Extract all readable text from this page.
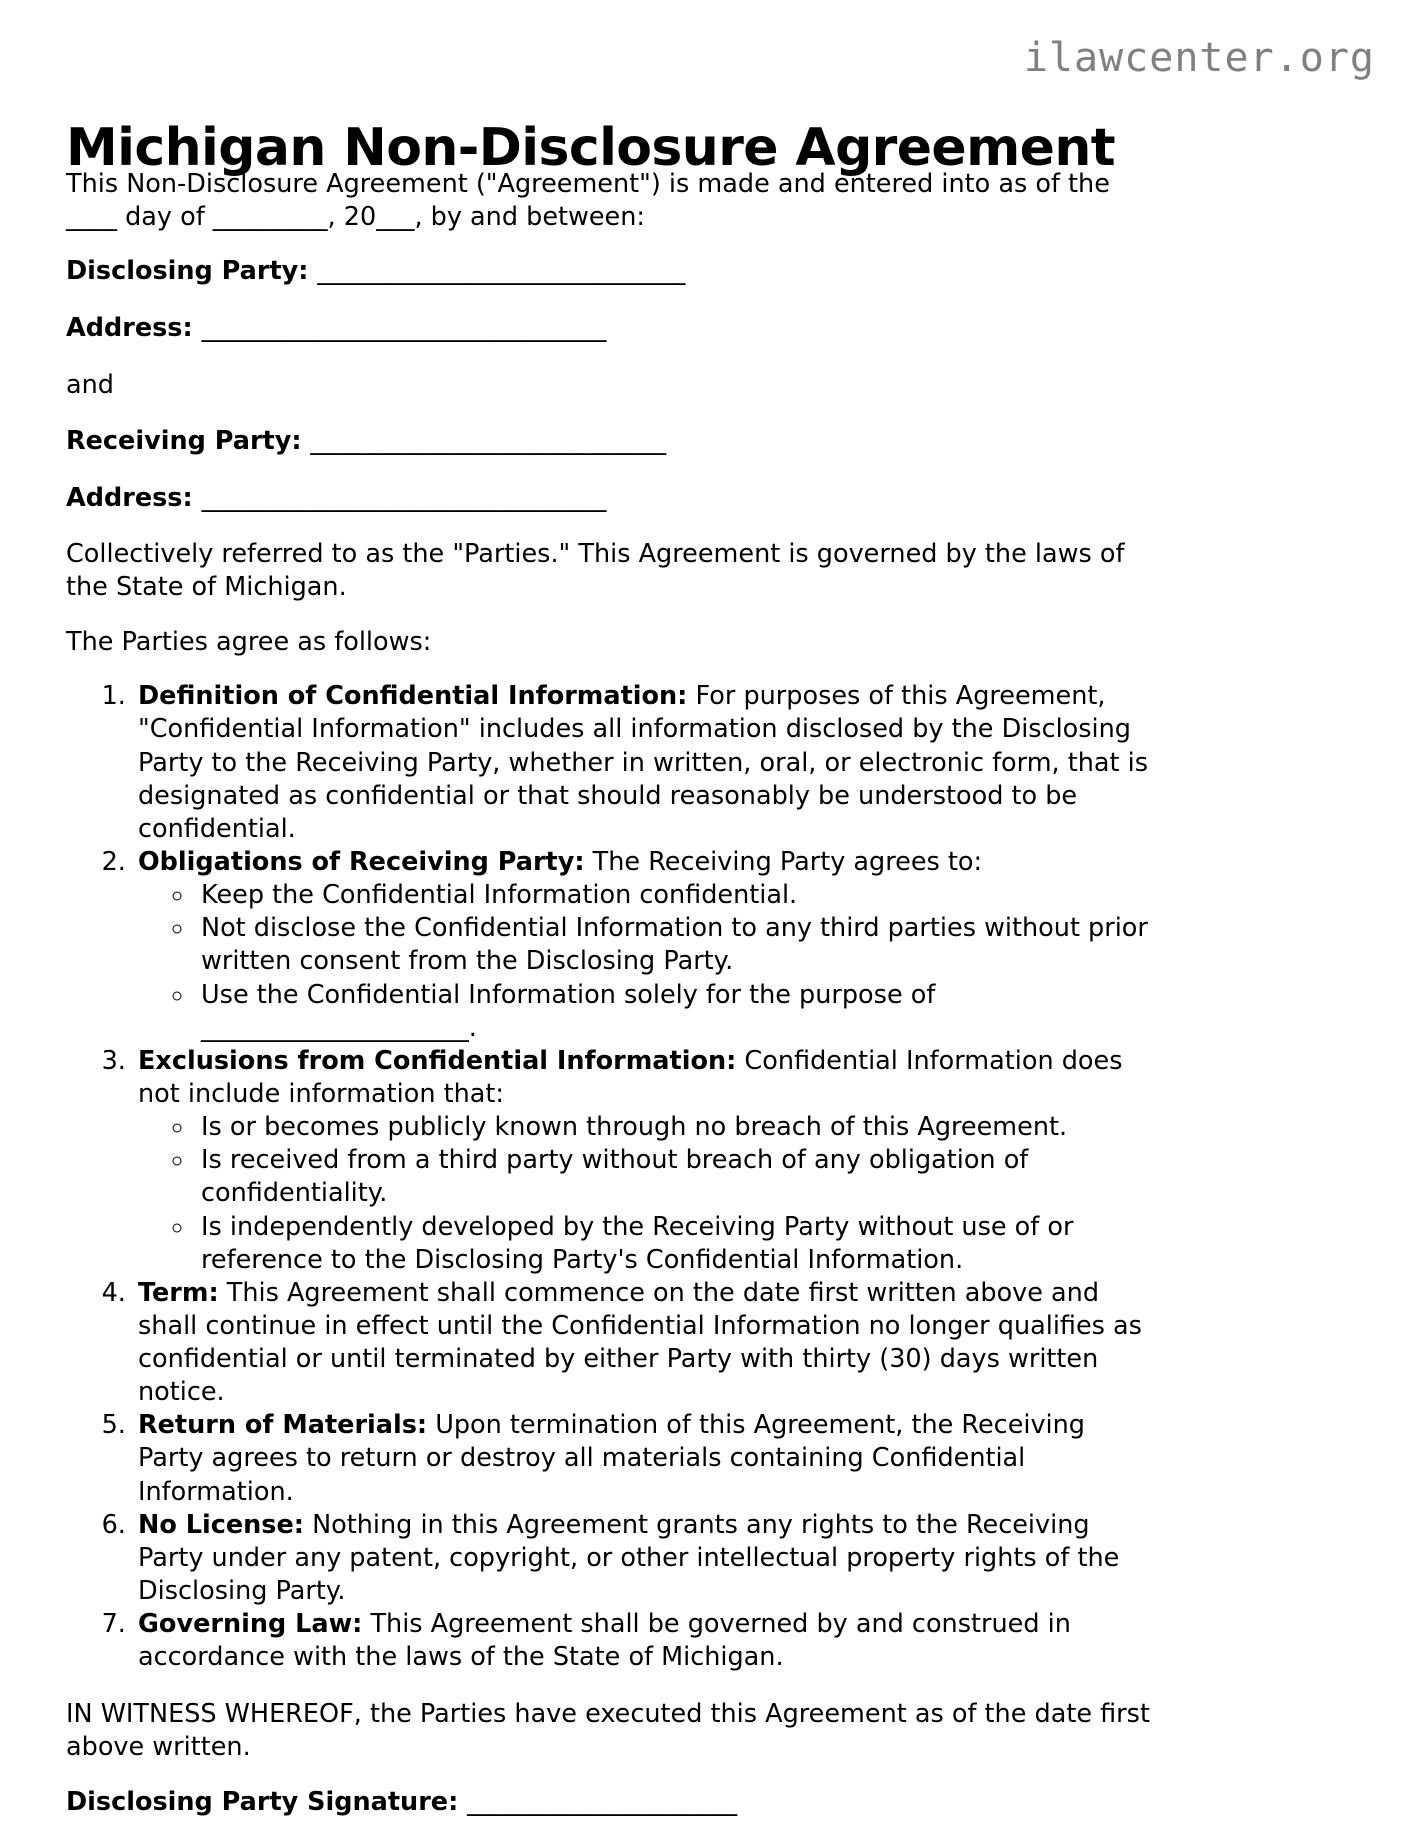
ilawcenter.org
Michigan Non-Disclosure Agreement

This Non-Disclosure Agreement ("Agreement") is made and entered into as of the ____ day of _________, 20___, by and between:

Disclosing Party: ______________________________

Address: _________________________________

and

Receiving Party: _____________________________

Address: _________________________________

Collectively referred to as the "Parties." This Agreement is governed by the laws of the State of Michigan.

The Parties agree as follows:

1. Definition of Confidential Information: For purposes of this Agreement, "Confidential Information" includes all information disclosed by the Disclosing Party to the Receiving Party, whether in written, oral, or electronic form, that is designated as confidential or that should reasonably be understood to be confidential.
2. Obligations of Receiving Party: The Receiving Party agrees to:
◦ Keep the Confidential Information confidential.
◦ Not disclose the Confidential Information to any third parties without prior written consent from the Disclosing Party.
◦ Use the Confidential Information solely for the purpose of _____________________.
3. Exclusions from Confidential Information: Confidential Information does not include information that:
◦ Is or becomes publicly known through no breach of this Agreement.
◦ Is received from a third party without breach of any obligation of confidentiality.
◦ Is independently developed by the Receiving Party without use of or reference to the Disclosing Party's Confidential Information.
4. Term: This Agreement shall commence on the date first written above and shall continue in effect until the Confidential Information no longer qualifies as confidential or until terminated by either Party with thirty (30) days written notice.
5. Return of Materials: Upon termination of this Agreement, the Receiving Party agrees to return or destroy all materials containing Confidential Information.
6. No License: Nothing in this Agreement grants any rights to the Receiving Party under any patent, copyright, or other intellectual property rights of the Disclosing Party.
7. Governing Law: This Agreement shall be governed by and construed in accordance with the laws of the State of Michigan.

IN WITNESS WHEREOF, the Parties have executed this Agreement as of the date first above written.

Disclosing Party Signature: ______________________
